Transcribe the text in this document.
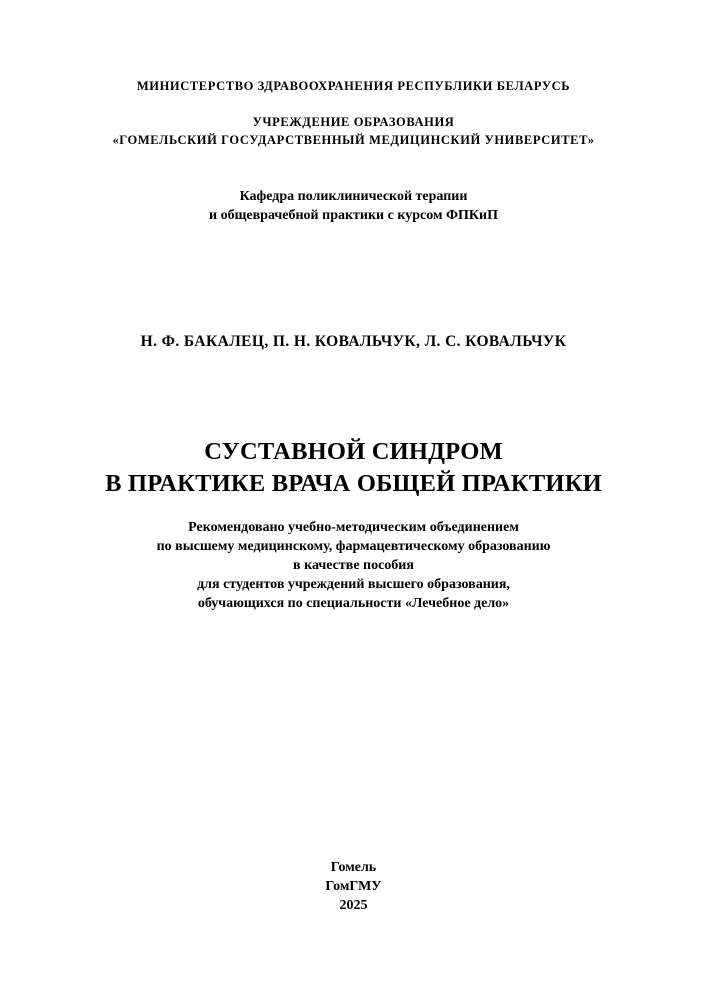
МИНИСТЕРСТВО ЗДРАВООХРАНЕНИЯ РЕСПУБЛИКИ БЕЛАРУСЬ

УЧРЕЖДЕНИЕ ОБРАЗОВАНИЯ

«ГОМЕЛЬСКИЙ ГОСУДАРСТВЕННЫЙ МЕДИЦИНСКИЙ УНИВЕРСИТЕТ»

Кафедра поликлинической терапии

и общеврачебной практики с курсом ФПКиП

Н. Ф. БАКАЛЕЦ, П. Н. КОВАЛЬЧУК, Л. С. КОВАЛЬЧУК

СУСТАВНОЙ СИНДРОМ

В ПРАКТИКЕ ВРАЧА ОБЩЕЙ ПРАКТИКИ

Рекомендовано учебно-методическим объединением

по высшему медицинскому, фармацевтическому образованию

в качестве пособия

для студентов учреждений высшего образования,

обучающихся по специальности «Лечебное дело»

Гомель

ГомГМУ

2025
